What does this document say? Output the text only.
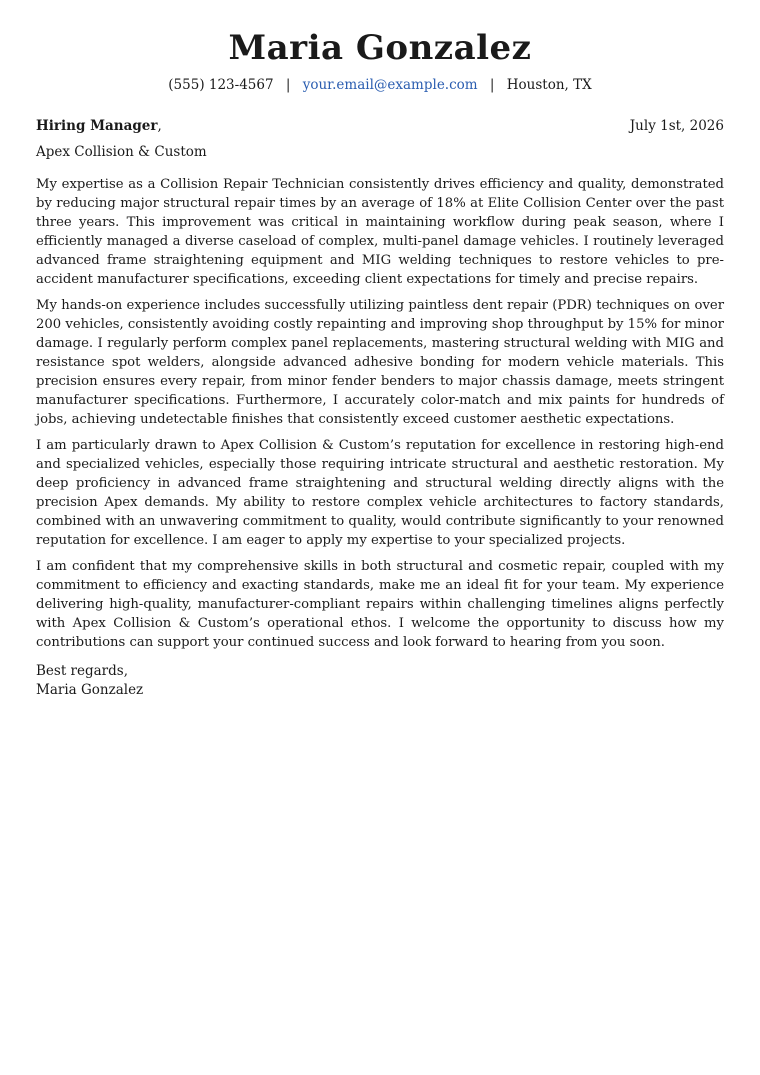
Maria Gonzalez
(555) 123-4567 | your.email@example.com | Houston, TX
Hiring Manager,	July 1st, 2026
Apex Collision & Custom

My expertise as a Collision Repair Technician consistently drives efficiency and quality, demonstrated by reducing major structural repair times by an average of 18% at Elite Collision Center over the past three years. This improvement was critical in maintaining workflow during peak season, where I efficiently managed a diverse caseload of complex, multi-panel damage vehicles. I routinely leveraged advanced frame straightening equipment and MIG welding techniques to restore vehicles to pre-accident manufacturer specifications, exceeding client expectations for timely and precise repairs.

My hands-on experience includes successfully utilizing paintless dent repair (PDR) techniques on over 200 vehicles, consistently avoiding costly repainting and improving shop throughput by 15% for minor damage. I regularly perform complex panel replacements, mastering structural welding with MIG and resistance spot welders, alongside advanced adhesive bonding for modern vehicle materials. This precision ensures every repair, from minor fender benders to major chassis damage, meets stringent manufacturer specifications. Furthermore, I accurately color-match and mix paints for hundreds of jobs, achieving undetectable finishes that consistently exceed customer aesthetic expectations.

I am particularly drawn to Apex Collision & Custom’s reputation for excellence in restoring high-end and specialized vehicles, especially those requiring intricate structural and aesthetic restoration. My deep proficiency in advanced frame straightening and structural welding directly aligns with the precision Apex demands. My ability to restore complex vehicle architectures to factory standards, combined with an unwavering commitment to quality, would contribute significantly to your renowned reputation for excellence. I am eager to apply my expertise to your specialized projects.

I am confident that my comprehensive skills in both structural and cosmetic repair, coupled with my commitment to efficiency and exacting standards, make me an ideal fit for your team. My experience delivering high-quality, manufacturer-compliant repairs within challenging timelines aligns perfectly with Apex Collision & Custom’s operational ethos. I welcome the opportunity to discuss how my contributions can support your continued success and look forward to hearing from you soon.

Best regards,
Maria Gonzalez
